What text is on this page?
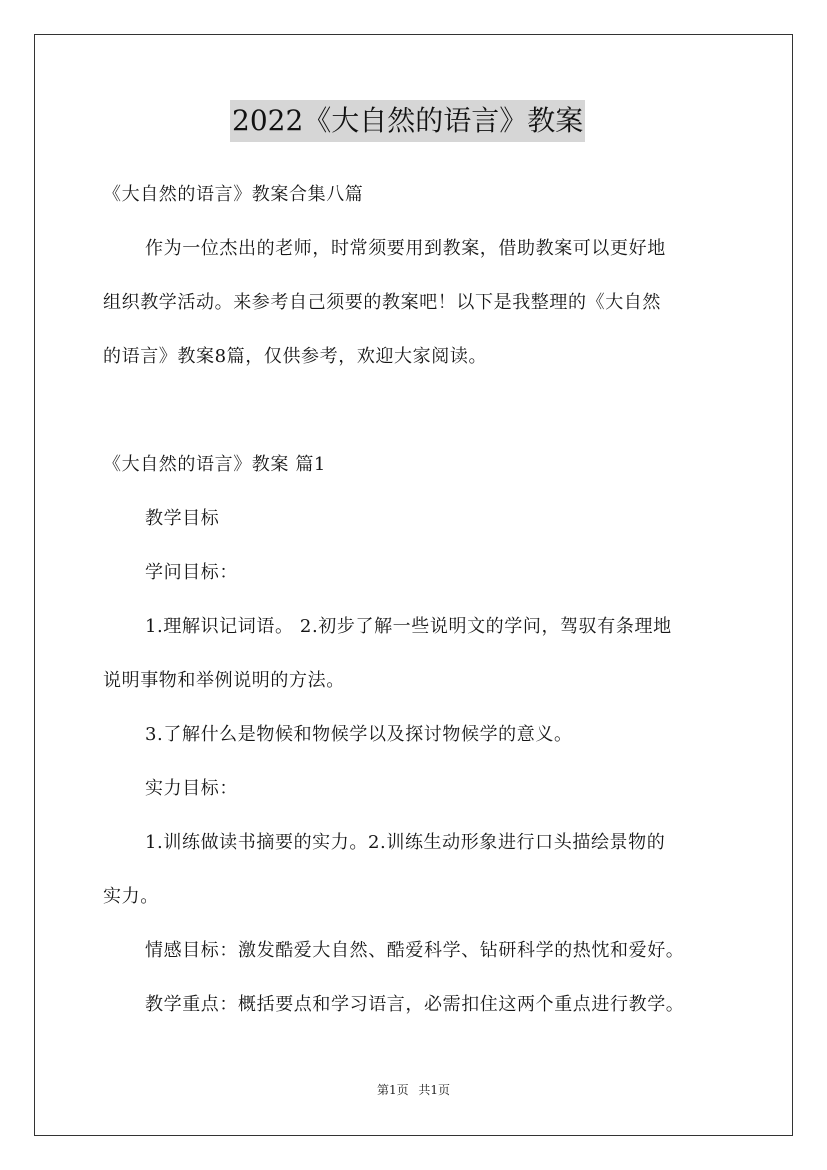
2022《大自然的语言》教案
《大自然的语言》教案合集八篇
作为一位杰出的老师，时常须要用到教案，借助教案可以更好地
组织教学活动。来参考自己须要的教案吧！以下是我整理的《大自然
的语言》教案8篇，仅供参考，欢迎大家阅读。
《大自然的语言》教案 篇1
教学目标
学问目标：
1.理解识记词语。 2.初步了解一些说明文的学问，驾驭有条理地
说明事物和举例说明的方法。
3.了解什么是物候和物候学以及探讨物候学的意义。
实力目标：
1.训练做读书摘要的实力。2.训练生动形象进行口头描绘景物的
实力。
情感目标：激发酷爱大自然、酷爱科学、钻研科学的热忱和爱好。
教学重点：概括要点和学习语言，必需扣住这两个重点进行教学。
第1页 共1页
